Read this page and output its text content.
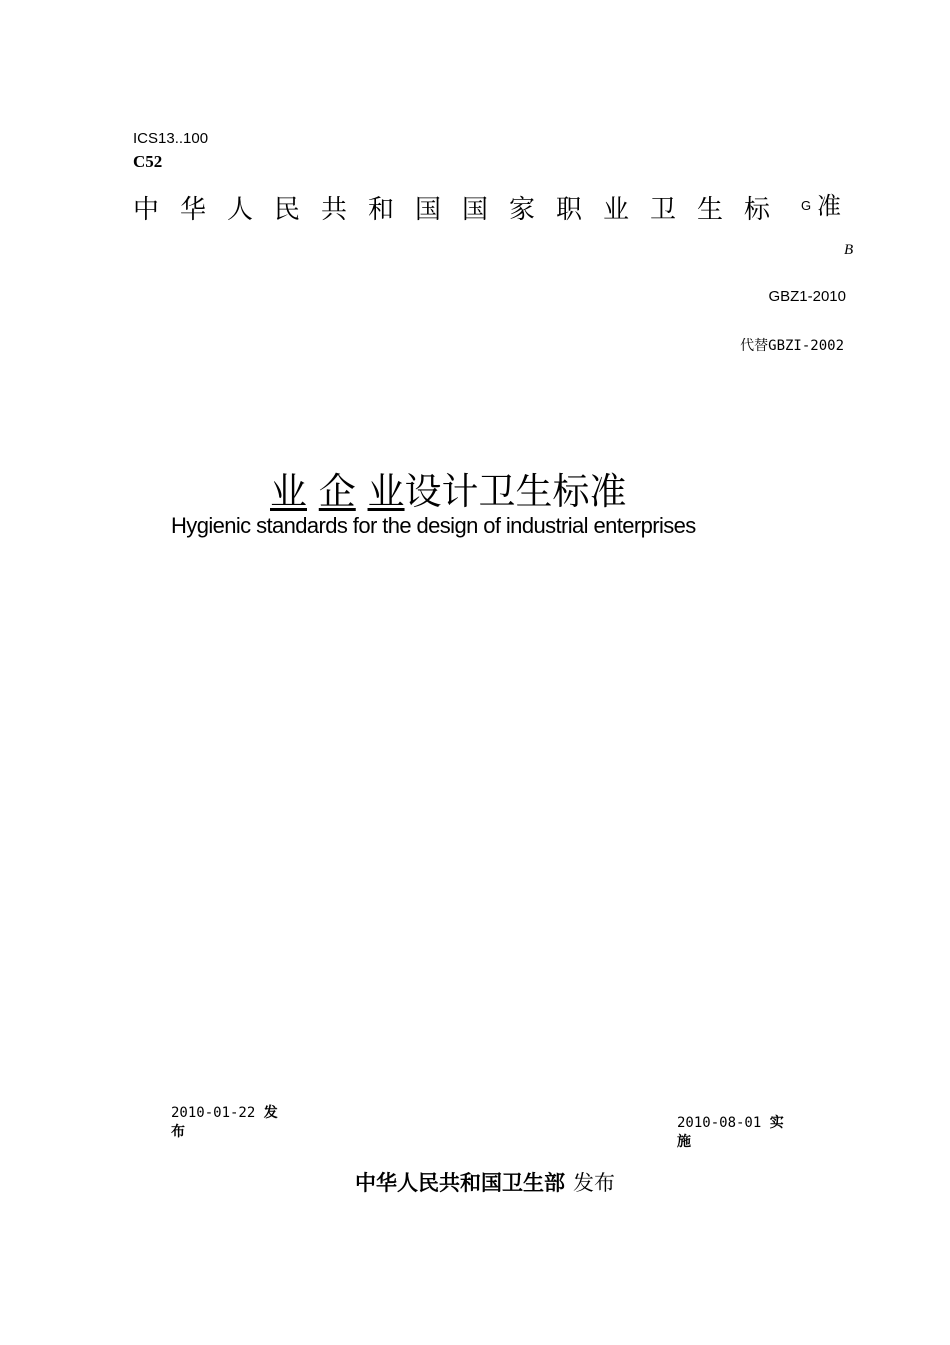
ICS13..100
C52
中华人民共和国国家职业卫生标 G 准
B
GBZ1-2010
代替GBZI-2002
业 企 业设计卫生标准
Hygienic standards for the design of industrial enterprises
2010-01-22 发
布
2010-08-01 实
施
中华人民共和国卫生部 发布
